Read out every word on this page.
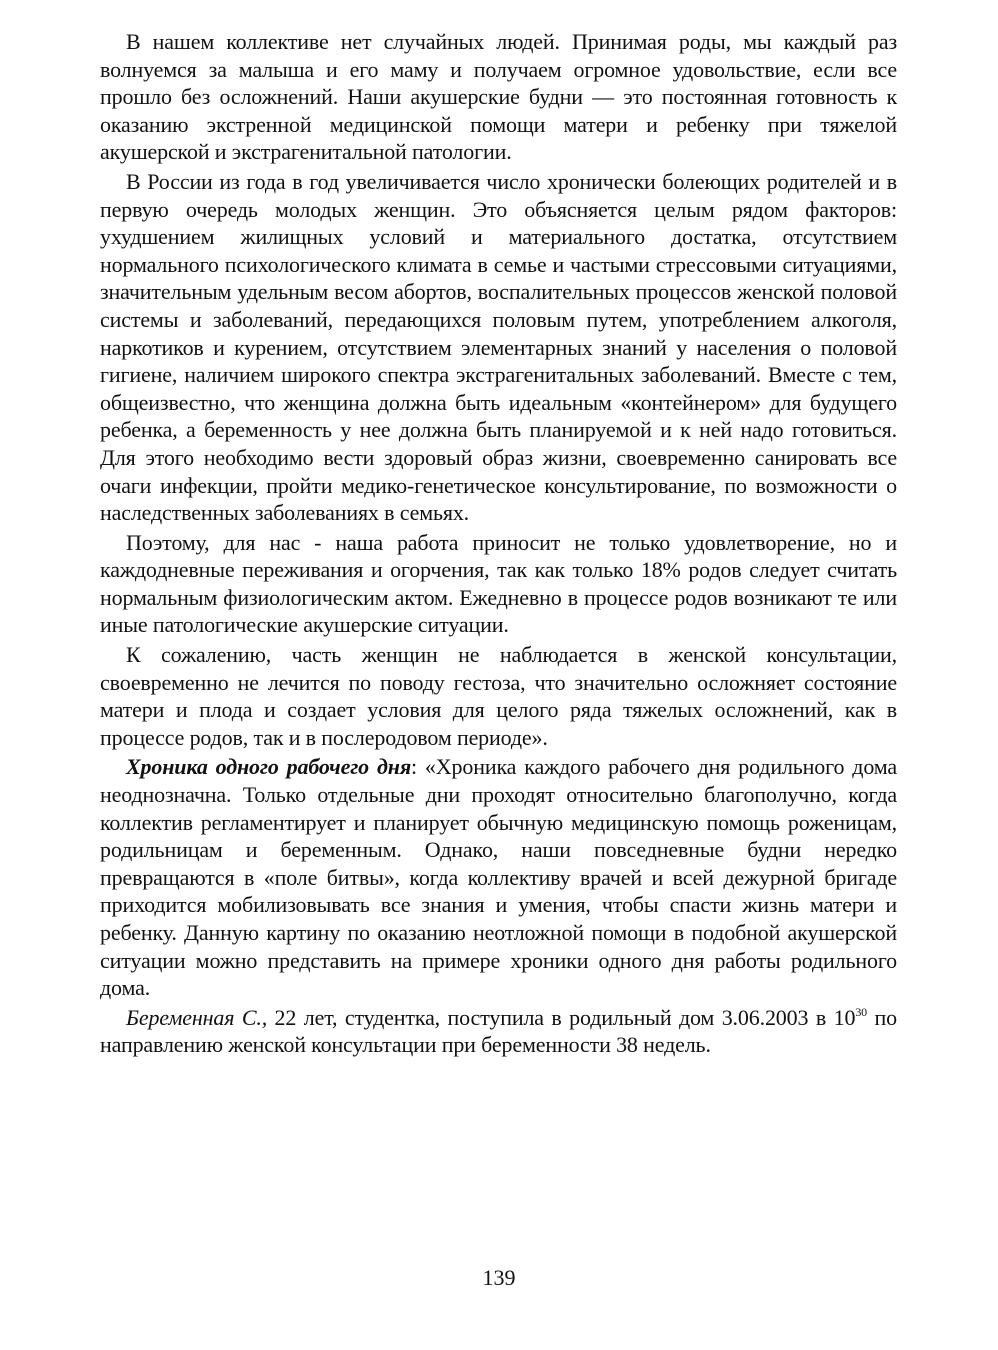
В нашем коллективе нет случайных людей. Принимая роды, мы каждый раз волнуемся за малыша и его маму и получаем огромное удовольствие, если все прошло без осложнений. Наши акушерские будни — это постоянная готовность к оказанию экстренной медицинской помощи матери и ребенку при тяжелой акушерской и экстрагенитальной патологии.

В России из года в год увеличивается число хронически болеющих родителей и в первую очередь молодых женщин. Это объясняется целым рядом факторов: ухудшением жилищных условий и материального достатка, отсутствием нормального психологического климата в семье и частыми стрессовыми ситуациями, значительным удельным весом абортов, воспалительных процессов женской половой системы и заболеваний, передающихся половым путем, употреблением алкоголя, наркотиков и курением, отсутствием элементарных знаний у населения о половой гигиене, наличием широкого спектра экстрагенитальных заболеваний. Вместе с тем, общеизвестно, что женщина должна быть идеальным «контейнером» для будущего ребенка, а беременность у нее должна быть планируемой и к ней надо готовиться. Для этого необходимо вести здоровый образ жизни, своевременно санировать все очаги инфекции, пройти медико-генетическое консультирование, по возможности о наследственных заболеваниях в семьях.

Поэтому, для нас - наша работа приносит не только удовлетворение, но и каждодневные переживания и огорчения, так как только 18% родов следует считать нормальным физиологическим актом. Ежедневно в процессе родов возникают те или иные патологические акушерские ситуации.

К сожалению, часть женщин не наблюдается в женской консультации, своевременно не лечится по поводу гестоза, что значительно осложняет состояние матери и плода и создает условия для целого ряда тяжелых осложнений, как в процессе родов, так и в послеродовом периоде».

Хроника одного рабочего дня: «Хроника каждого рабочего дня родильного дома неоднозначна. Только отдельные дни проходят относительно благополучно, когда коллектив регламентирует и планирует обычную медицинскую помощь роженицам, родильницам и беременным. Однако, наши повседневные будни нередко превращаются в «поле битвы», когда коллективу врачей и всей дежурной бригаде приходится мобилизовывать все знания и умения, чтобы спасти жизнь матери и ребенку. Данную картину по оказанию неотложной помощи в подобной акушерской ситуации можно представить на примере хроники одного дня работы родильного дома.

Беременная С., 22 лет, студентка, поступила в родильный дом 3.06.2003 в $10^{30}$ по направлению женской консультации при беременности 38 недель.

139
